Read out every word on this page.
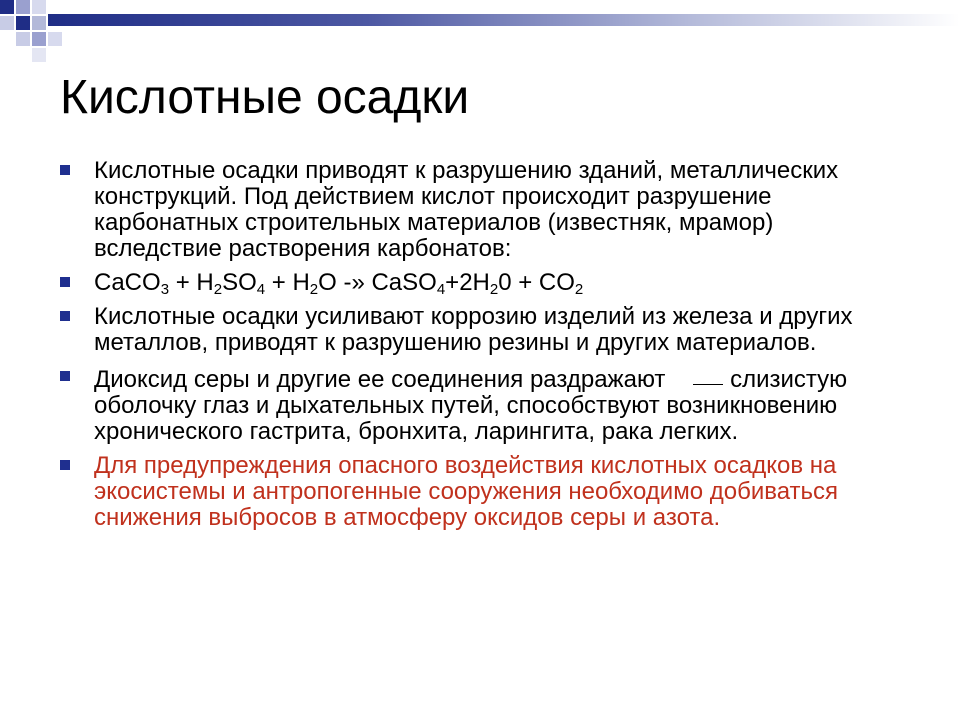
Кислотные осадки
Кислотные осадки приводят к разрушению зданий, металлических конструкций. Под действием кислот происходит разрушение карбонатных строительных материалов (известняк, мрамор) вследствие растворения карбонатов:
CaCO$_3$ + $H_2SO_4 + H_2O$ -» $CaSO_4+2H_20 + CO_2$
Кислотные осадки усиливают коррозию изделий из железа и других металлов, приводят к разрушению резины и других материалов.
Диоксид серы и другие ее соединения раздражают	слизистую оболочку глаз и дыхательных путей, способствуют возникновению хронического гастрита, бронхита, ларингита, рака легких.
Для предупреждения опасного воздействия кислотных осадков на экосистемы и антропогенные сооружения необходимо добиваться снижения выбросов в атмосферу оксидов серы и азота.
